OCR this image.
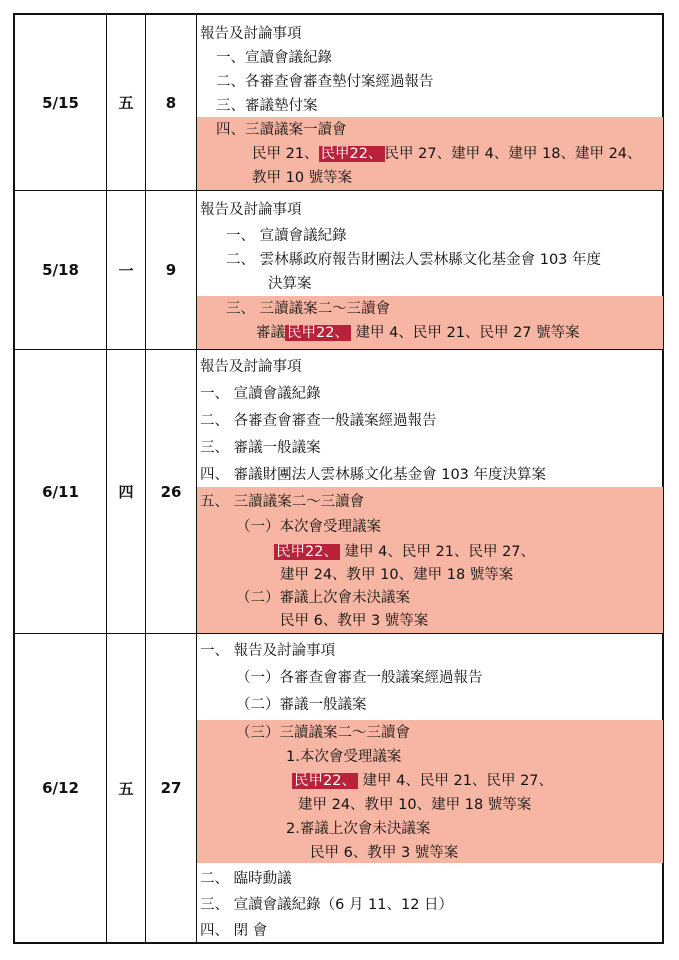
5/15	五	8
報告及討論事項
一、宣讀會議紀錄
二、各審查會審查墊付案經過報告
三、審議墊付案
四、三讀議案一讀會
民甲 21、 民甲22、 民甲 27、建甲 4、建甲 18、建甲 24、
教甲 10 號等案
5/18	一	9
報告及討論事項
一、 宣讀會議紀錄
二、 雲林縣政府報告財團法人雲林縣文化基金會 103 年度
決算案
三、 三讀議案二～三讀會
審議 民甲22、 建甲 4、民甲 21、民甲 27 號等案
6/11	四	26
報告及討論事項
一、 宣讀會議紀錄
二、 各審查會審查一般議案經過報告
三、 審議一般議案
四、 審議財團法人雲林縣文化基金會 103 年度決算案
五、 三讀議案二～三讀會
（一）本次會受理議案
民甲22、 建甲 4、民甲 21、民甲 27、
建甲 24、教甲 10、建甲 18 號等案
（二）審議上次會未決議案
民甲 6、教甲 3 號等案
6/12	五	27
一、 報告及討論事項
（一）各審查會審查一般議案經過報告
（二）審議一般議案
（三）三讀議案二～三讀會
1.本次會受理議案
民甲22、 建甲 4、民甲 21、民甲 27、
建甲 24、教甲 10、建甲 18 號等案
2.審議上次會未決議案
民甲 6、教甲 3 號等案
二、 臨時動議
三、 宣讀會議紀錄（6 月 11、12 日）
四、 閉 會
